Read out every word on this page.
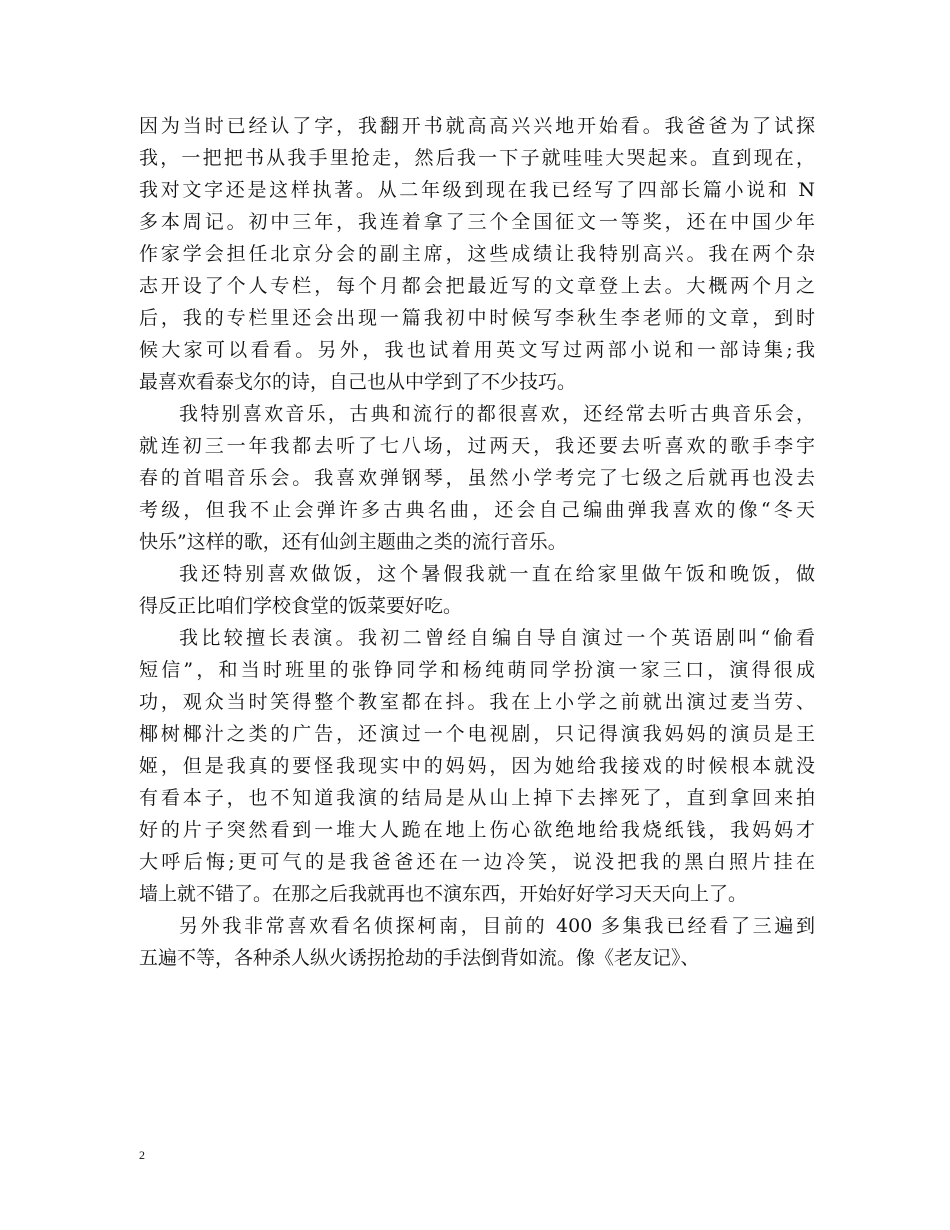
因为当时已经认了字，我翻开书就高高兴兴地开始看。我爸爸为了试探
我，一把把书从我手里抢走，然后我一下子就哇哇大哭起来。直到现在，
我对文字还是这样执著。从二年级到现在我已经写了四部长篇小说和 N
多本周记。初中三年，我连着拿了三个全国征文一等奖，还在中国少年
作家学会担任北京分会的副主席，这些成绩让我特别高兴。我在两个杂
志开设了个人专栏，每个月都会把最近写的文章登上去。大概两个月之
后，我的专栏里还会出现一篇我初中时候写李秋生李老师的文章，到时
候大家可以看看。另外，我也试着用英文写过两部小说和一部诗集;我
最喜欢看泰戈尔的诗，自己也从中学到了不少技巧。
我特别喜欢音乐，古典和流行的都很喜欢，还经常去听古典音乐会，
就连初三一年我都去听了七八场，过两天，我还要去听喜欢的歌手李宇
春的首唱音乐会。我喜欢弹钢琴，虽然小学考完了七级之后就再也没去
考级，但我不止会弹许多古典名曲，还会自己编曲弹我喜欢的像“冬天
快乐”这样的歌，还有仙剑主题曲之类的流行音乐。
我还特别喜欢做饭，这个暑假我就一直在给家里做午饭和晚饭，做
得反正比咱们学校食堂的饭菜要好吃。
我比较擅长表演。我初二曾经自编自导自演过一个英语剧叫“偷看
短信”，和当时班里的张铮同学和杨纯萌同学扮演一家三口，演得很成
功，观众当时笑得整个教室都在抖。我在上小学之前就出演过麦当劳、
椰树椰汁之类的广告，还演过一个电视剧，只记得演我妈妈的演员是王
姬，但是我真的要怪我现实中的妈妈，因为她给我接戏的时候根本就没
有看本子，也不知道我演的结局是从山上掉下去摔死了，直到拿回来拍
好的片子突然看到一堆大人跪在地上伤心欲绝地给我烧纸钱，我妈妈才
大呼后悔;更可气的是我爸爸还在一边冷笑，说没把我的黑白照片挂在
墙上就不错了。在那之后我就再也不演东西，开始好好学习天天向上了。
另外我非常喜欢看名侦探柯南，目前的 400 多集我已经看了三遍到
五遍不等，各种杀人纵火诱拐抢劫的手法倒背如流。像《老友记》、
2
